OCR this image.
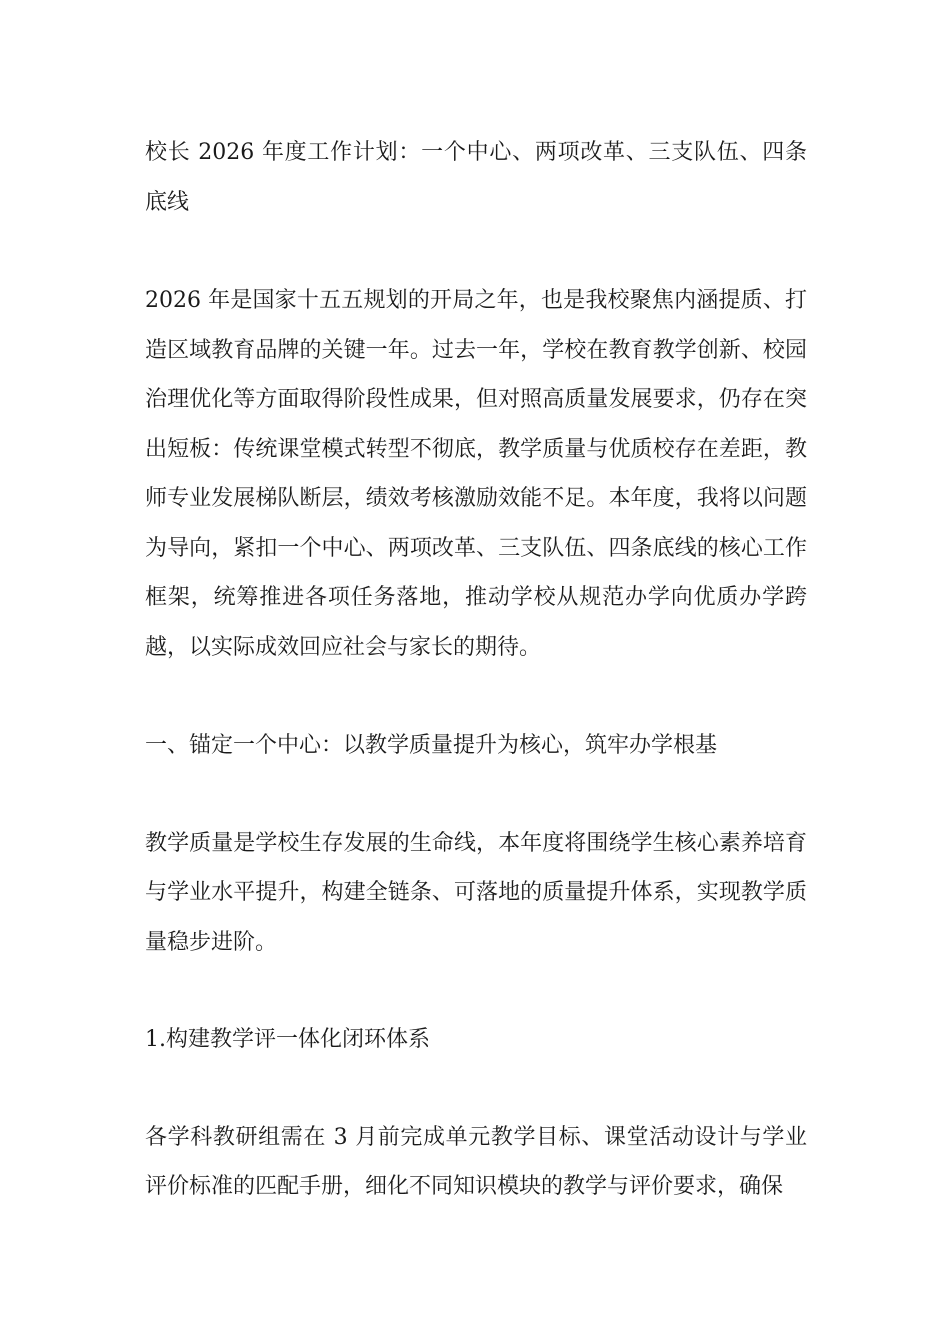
校长 2026 年度工作计划：一个中心、两项改革、三支队伍、四条底线

2026 年是国家十五五规划的开局之年，也是我校聚焦内涵提质、打造区域教育品牌的关键一年。过去一年，学校在教育教学创新、校园治理优化等方面取得阶段性成果，但对照高质量发展要求，仍存在突出短板：传统课堂模式转型不彻底，教学质量与优质校存在差距，教师专业发展梯队断层，绩效考核激励效能不足。本年度，我将以问题为导向，紧扣一个中心、两项改革、三支队伍、四条底线的核心工作框架，统筹推进各项任务落地，推动学校从规范办学向优质办学跨越，以实际成效回应社会与家长的期待。

一、锚定一个中心：以教学质量提升为核心，筑牢办学根基

教学质量是学校生存发展的生命线，本年度将围绕学生核心素养培育与学业水平提升，构建全链条、可落地的质量提升体系，实现教学质量稳步进阶。

1.构建教学评一体化闭环体系

各学科教研组需在 3 月前完成单元教学目标、课堂活动设计与学业评价标准的匹配手册，细化不同知识模块的教学与评价要求，确保
